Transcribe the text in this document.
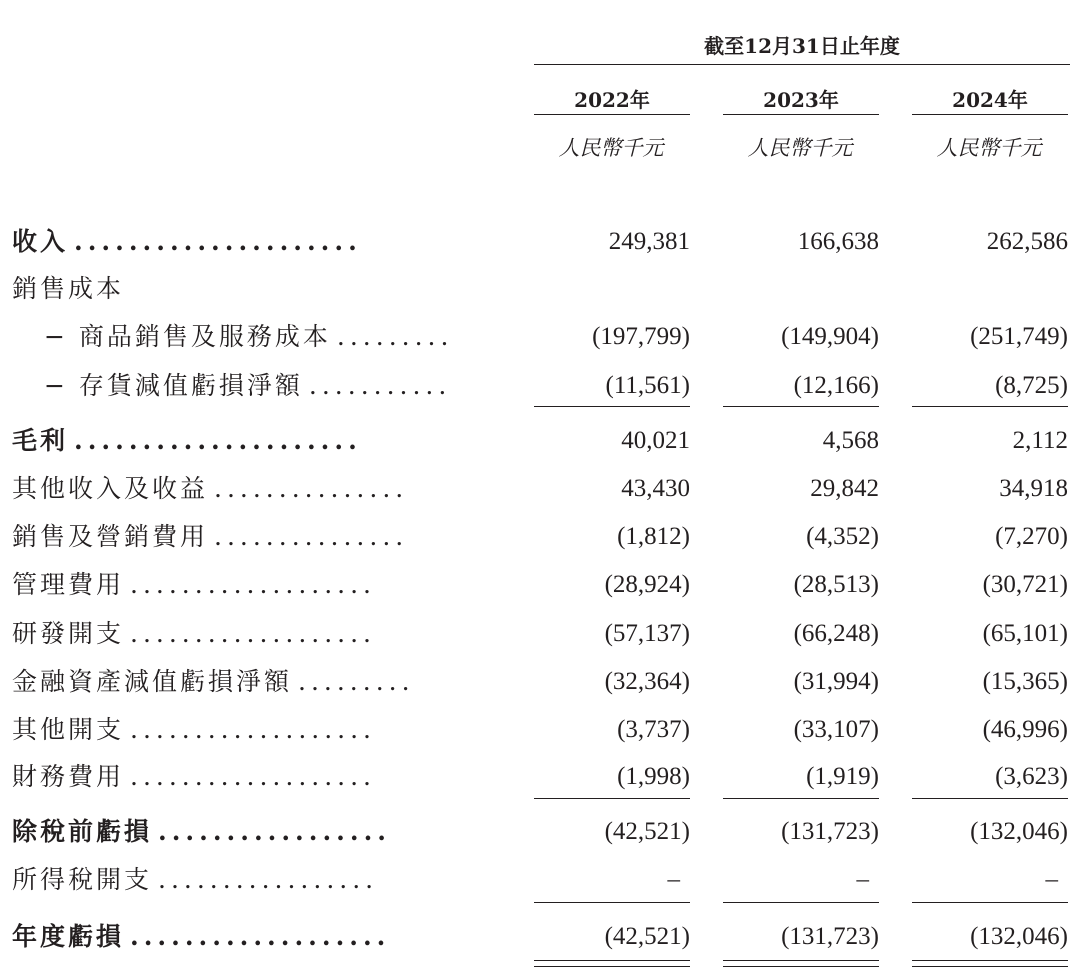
截至12月31日止年度
2022年	2023年	2024年
人民幣千元	人民幣千元	人民幣千元
收入 .....................	249,381	166,638	262,586
銷售成本
− 商品銷售及服務成本 .........	(197,799)	(149,904)	(251,749)
− 存貨減值虧損淨額 ...........	(11,561)	(12,166)	(8,725)
毛利 .....................	40,021	4,568	2,112
其他收入及收益 ...............	43,430	29,842	34,918
銷售及營銷費用 ...............	(1,812)	(4,352)	(7,270)
管理費用 ...................	(28,924)	(28,513)	(30,721)
研發開支 ...................	(57,137)	(66,248)	(65,101)
金融資產減值虧損淨額 .........	(32,364)	(31,994)	(15,365)
其他開支 ...................	(3,737)	(33,107)	(46,996)
財務費用 ...................	(1,998)	(1,919)	(3,623)
除稅前虧損 .................	(42,521)	(131,723)	(132,046)
所得稅開支 .................	–	–	–
年度虧損 ...................	(42,521)	(131,723)	(132,046)
